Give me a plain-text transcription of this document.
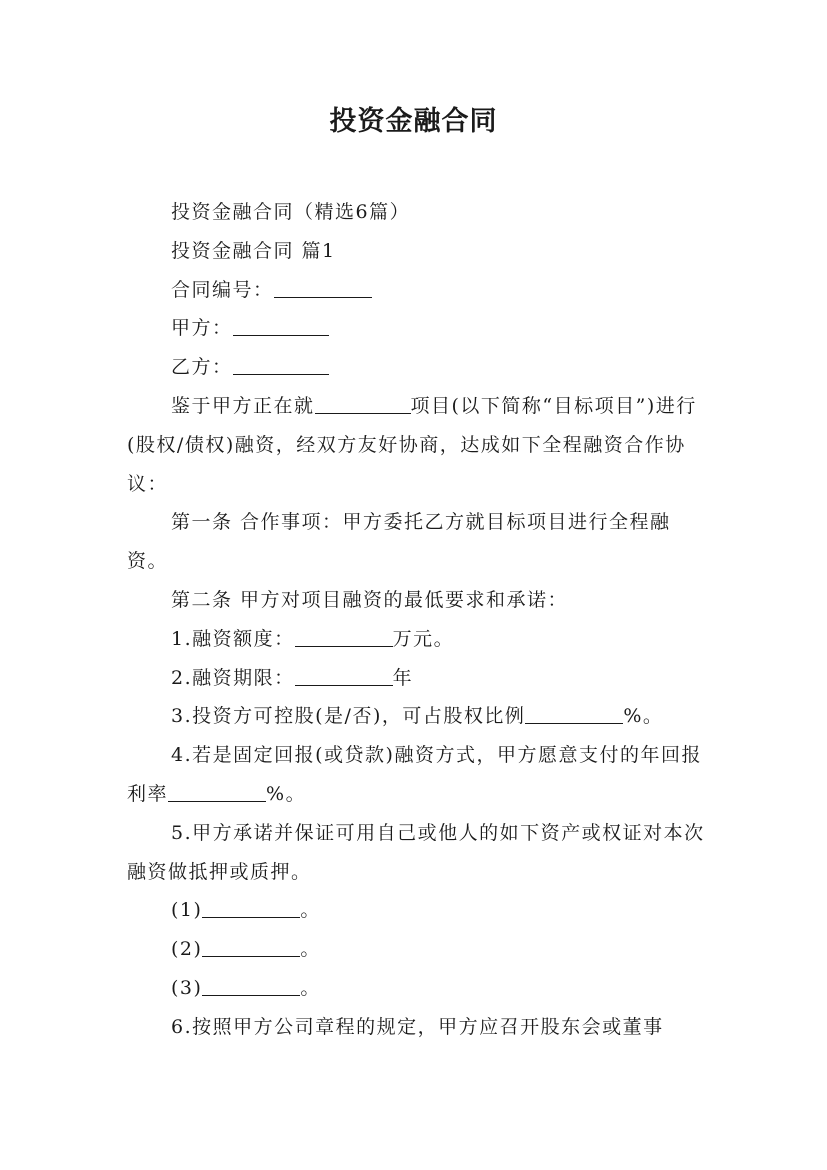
投资金融合同

投资金融合同（精选6篇）

投资金融合同 篇1

合同编号：

甲方：

乙方：

鉴于甲方正在就	项目(以下简称“目标项目”)进行(股权/债权)融资，经双方友好协商，达成如下全程融资合作协议：

第一条 合作事项：甲方委托乙方就目标项目进行全程融资。

第二条 甲方对项目融资的最低要求和承诺：

1.融资额度：	万元。

2.融资期限：	年

3.投资方可控股(是/否)，可占股权比例	%。

4.若是固定回报(或贷款)融资方式，甲方愿意支付的年回报利率	%。

5.甲方承诺并保证可用自己或他人的如下资产或权证对本次融资做抵押或质押。

(1)	。

(2)	。

(3)	。

6.按照甲方公司章程的规定，甲方应召开股东会或董事
